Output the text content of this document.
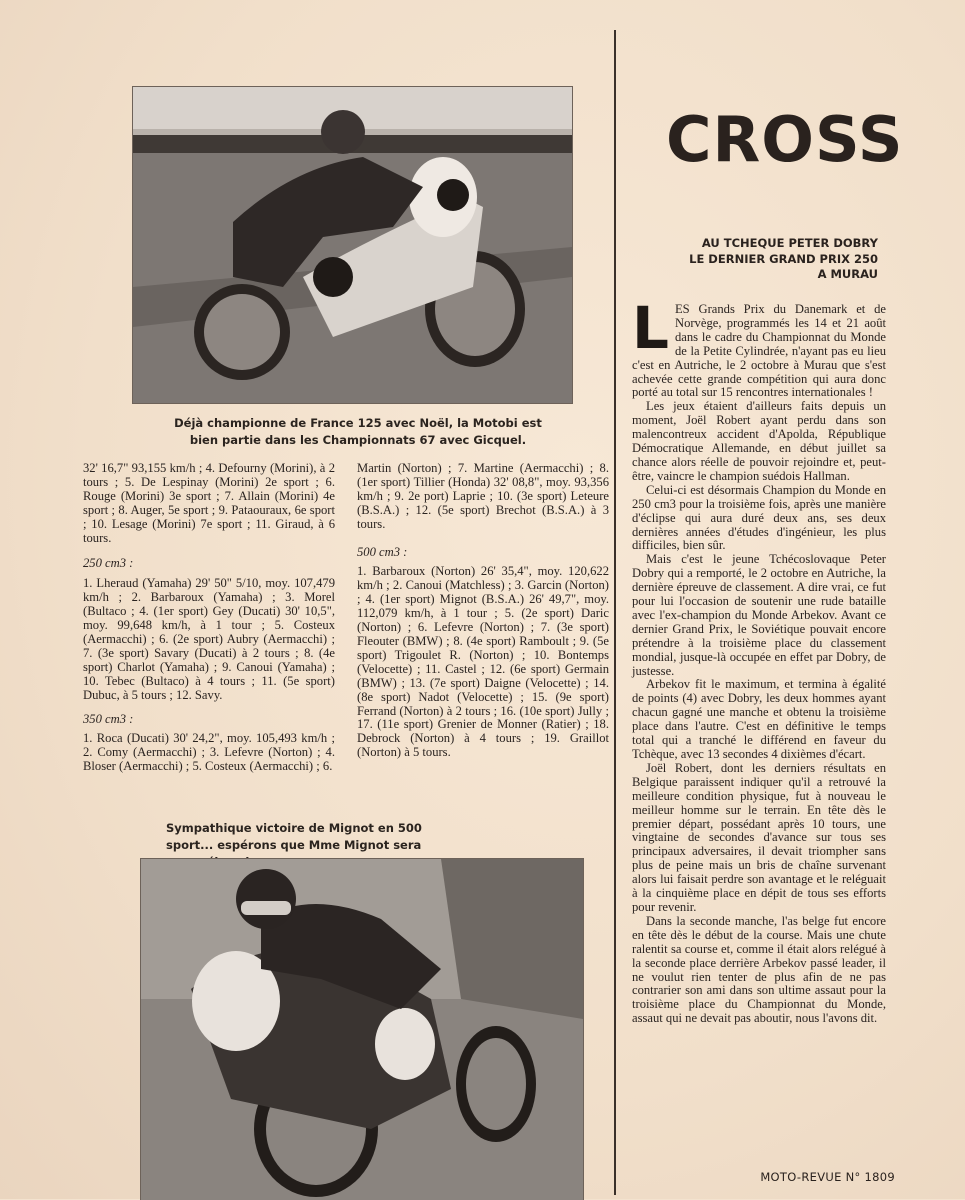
Déjà championne de France 125 avec Noël, la Motobi est bien partie dans les Championnats 67 avec Gicquel.

32' 16,7" 93,155 km/h ; 4. Defourny (Morini), à 2 tours ; 5. De Lespinay (Morini) 2e sport ; 6. Rouge (Morini) 3e sport ; 7. Allain (Morini) 4e sport ; 8. Auger, 5e sport ; 9. Pataouraux, 6e sport ; 10. Lesage (Morini) 7e sport ; 11. Giraud, à 6 tours.

250 cm3 :

1. Lheraud (Yamaha) 29' 50" 5/10, moy. 107,479 km/h ; 2. Barbaroux (Yamaha) ; 3. Morel (Bultaco ; 4. (1er sport) Gey (Ducati) 30' 10,5", moy. 99,648 km/h, à 1 tour ; 5. Costeux (Aermacchi) ; 6. (2e sport) Aubry (Aermacchi) ; 7. (3e sport) Savary (Ducati) à 2 tours ; 8. (4e sport) Charlot (Yamaha) ; 9. Canoui (Yamaha) ; 10. Tebec (Bultaco) à 4 tours ; 11. (5e sport) Dubuc, à 5 tours ; 12. Savy.

350 cm3 :

1. Roca (Ducati) 30' 24,2", moy. 105,493 km/h ; 2. Comy (Aermacchi) ; 3. Lefevre (Norton) ; 4. Bloser (Aermacchi) ; 5. Costeux (Aermacchi) ; 6.

Martin (Norton) ; 7. Martine (Aermacchi) ; 8. (1er sport) Tillier (Honda) 32' 08,8", moy. 93,356 km/h ; 9. 2e port) Laprie ; 10. (3e sport) Leteure (B.S.A.) ; 12. (5e sport) Brechot (B.S.A.) à 3 tours.

500 cm3 :

1. Barbaroux (Norton) 26' 35,4", moy. 120,622 km/h ; 2. Canoui (Matchless) ; 3. Garcin (Norton) ; 4. (1er sport) Mignot (B.S.A.) 26' 49,7", moy. 112,079 km/h, à 1 tour ; 5. (2e sport) Daric (Norton) ; 6. Lefevre (Norton) ; 7. (3e sport) Fleouter (BMW) ; 8. (4e sport) Ramboult ; 9. (5e sport) Trigoulet R. (Norton) ; 10. Bontemps (Velocette) ; 11. Castel ; 12. (6e sport) Germain (BMW) ; 13. (7e sport) Daigne (Velocette) ; 14. (8e sport) Nadot (Velocette) ; 15. (9e sport) Ferrand (Norton) à 2 tours ; 16. (10e sport) Jully ; 17. (11e sport) Grenier de Monner (Ratier) ; 18. Debrock (Norton) à 4 tours ; 19. Graillot (Norton) à 5 tours.

Sympathique victoire de Mignot en 500 sport... espérons que Mme Mignot sera
CROSS
AU TCHEQUE PETER DOBRY
LE DERNIER GRAND PRIX 250
A MURAU

LES Grands Prix du Danemark et de Norvège, programmés les 14 et 21 août dans le cadre du Championnat du Monde de la Petite Cylindrée, n'ayant pas eu lieu c'est en Autriche, le 2 octobre à Murau que s'est achevée cette grande compétition qui aura donc porté au total sur 15 rencontres internationales !

Les jeux étaient d'ailleurs faits depuis un moment, Joël Robert ayant perdu dans son malencontreux accident d'Apolda, République Démocratique Allemande, en début juillet sa chance alors réelle de pouvoir rejoindre et, peut-être, vaincre le champion suédois Hallman.

Celui-ci est désormais Champion du Monde en 250 cm3 pour la troisième fois, après une manière d'éclipse qui aura duré deux ans, ses deux dernières années d'études d'ingénieur, les plus difficiles, bien sûr.

Mais c'est le jeune Tchécoslovaque Peter Dobry qui a remporté, le 2 octobre en Autriche, la dernière épreuve de classement. A dire vrai, ce fut pour lui l'occasion de soutenir une rude bataille avec l'ex-champion du Monde Arbekov. Avant ce dernier Grand Prix, le Soviétique pouvait encore prétendre à la troisième place du classement mondial, jusque-là occupée en effet par Dobry, de justesse.

Arbekov fit le maximum, et termina à égalité de points (4) avec Dobry, les deux hommes ayant chacun gagné une manche et obtenu la troisième place dans l'autre. C'est en définitive le temps total qui a tranché le différend en faveur du Tchèque, avec 13 secondes 4 dixièmes d'écart.

Joël Robert, dont les derniers résultats en Belgique paraissent indiquer qu'il a retrouvé la meilleure condition physique, fut à nouveau le meilleur homme sur le terrain. En tête dès le premier départ, possédant après 10 tours, une vingtaine de secondes d'avance sur tous ses principaux adversaires, il devait triompher sans plus de peine mais un bris de chaîne survenant alors lui faisait perdre son avantage et le reléguait à la cinquième place en dépit de tous ses efforts pour revenir.

Dans la seconde manche, l'as belge fut encore en tête dès le début de la course. Mais une chute ralentit sa course et, comme il était alors relégué à la seconde place derrière Arbekov passé leader, il ne voulut rien tenter de plus afin de ne pas contrarier son ami dans son ultime assaut pour la troisième place du Championnat du Monde, assaut qui ne devait pas aboutir, nous l'avons dit.

MOTO-REVUE N° 1809
